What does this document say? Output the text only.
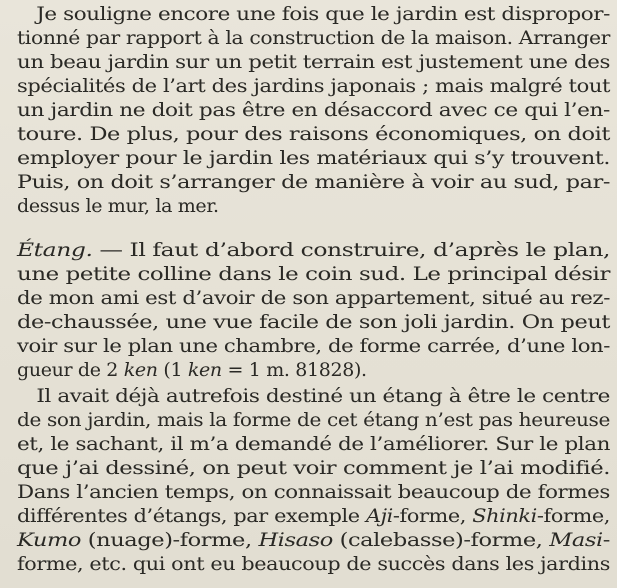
Je souligne encore une fois que le jardin est dispropor-
tionné par rapport à la construction de la maison. Arranger
un beau jardin sur un petit terrain est justement une des
spécialités de l’art des jardins japonais ; mais malgré tout
un jardin ne doit pas être en désaccord avec ce qui l’en-
toure. De plus, pour des raisons économiques, on doit
employer pour le jardin les matériaux qui s’y trouvent.
Puis, on doit s’arranger de manière à voir au sud, par-
dessus le mur, la mer.
Étang. — Il faut d’abord construire, d’après le plan,
une petite colline dans le coin sud. Le principal désir
de mon ami est d’avoir de son appartement, situé au rez-
de-chaussée, une vue facile de son joli jardin. On peut
voir sur le plan une chambre, de forme carrée, d’une lon-
gueur de 2 ken (1 ken = 1 m. 81828).
Il avait déjà autrefois destiné un étang à être le centre
de son jardin, mais la forme de cet étang n’est pas heureuse
et, le sachant, il m’a demandé de l’améliorer. Sur le plan
que j’ai dessiné, on peut voir comment je l’ai modifié.
Dans l’ancien temps, on connaissait beaucoup de formes
différentes d’étangs, par exemple Aji-forme, Shinki-forme,
Kumo (nuage)-forme, Hisaso (calebasse)-forme, Masi-
forme, etc. qui ont eu beaucoup de succès dans les jardins
